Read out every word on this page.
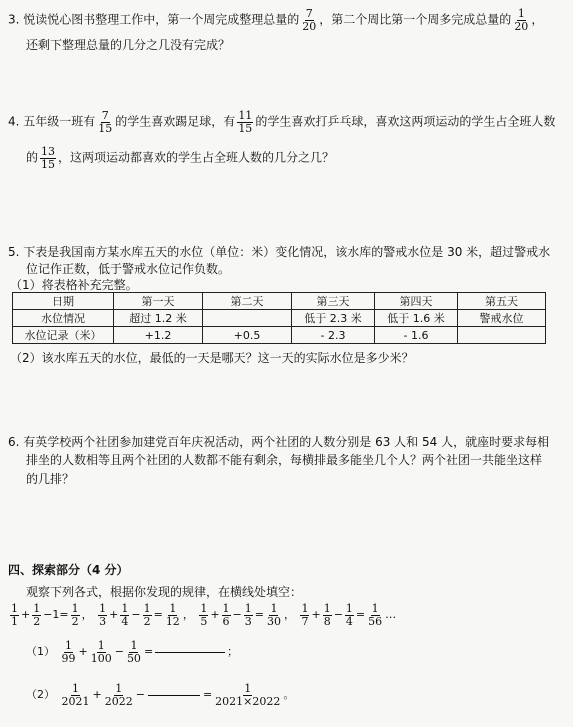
3. 悦读悦心图书整理工作中，第一个周完成整理总量的 $\frac{7}{20}$ ，第二个周比第一个周多完成总量的 $\frac{1}{20}$ ，
还剩下整理总量的几分之几没有完成？
4. 五年级一班有 $\frac{7}{15}$ 的学生喜欢踢足球，有 $\frac{11}{15}$ 的学生喜欢打乒乓球，喜欢这两项运动的学生占全班人数
的 $\frac{13}{15}$ ，这两项运动都喜欢的学生占全班人数的几分之几？
5. 下表是我国南方某水库五天的水位（单位：米）变化情况，该水库的警戒水位是 30 米，超过警戒水
位记作正数，低于警戒水位记作负数。
（1）将表格补充完整。
日期	第一天	第二天	第三天	第四天	第五天
水位情况	超过 1.2 米		低于 2.3 米	低于 1.6 米	警戒水位
水位记录（米）	+1.2	+0.5	- 2.3	- 1.6	
（2）该水库五天的水位，最低的一天是哪天？这一天的实际水位是多少米？
6. 有英学校两个社团参加建党百年庆祝活动，两个社团的人数分别是 63 人和 54 人，就座时要求每相
排坐的人数相等且两个社团的人数都不能有剩余，每横排最多能坐几个人？两个社团一共能坐这样
的几排？
四、探索部分（4 分）
观察下列各式，根据你发现的规律，在横线处填空：
$\frac{1}{1} + \frac{1}{2} -1= \frac{1}{2}$ ， $\frac{1}{3} + \frac{1}{4} - \frac{1}{2} = \frac{1}{12}$ ， $\frac{1}{5} + \frac{1}{6} - \frac{1}{3} = \frac{1}{30}$ ， $\frac{1}{7} + \frac{1}{8} - \frac{1}{4} = \frac{1}{56}$ …
$(1) \frac{1}{99} + \frac{1}{100} - \frac{1}{50}$ =	；
$(2) \frac{1}{2021} + \frac{1}{2022}$ −	= $\frac{1}{2021\times 2022}$ 。
